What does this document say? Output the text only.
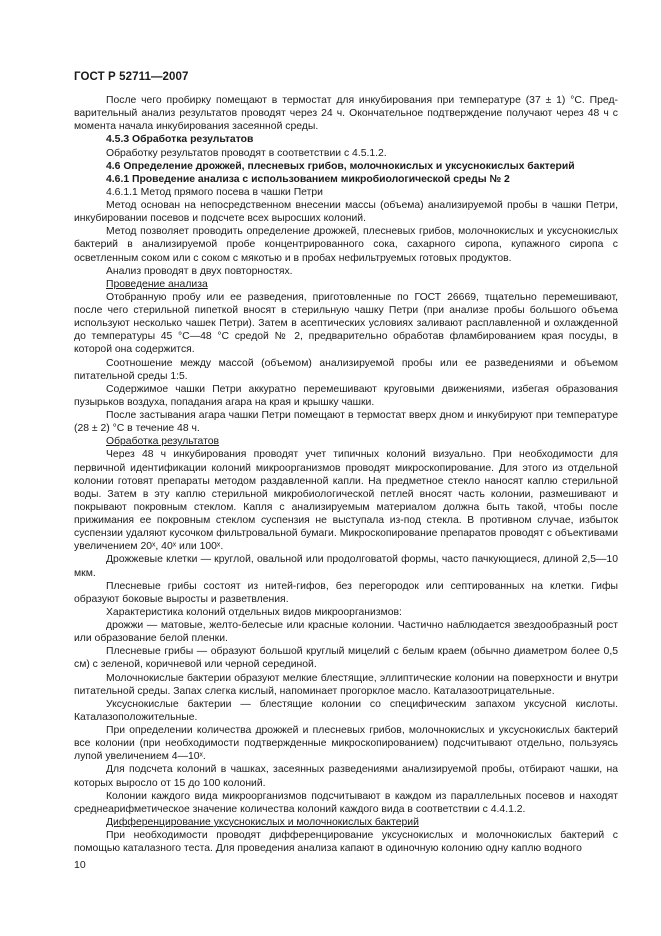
ГОСТ Р 52711—2007

После чего пробирку помещают в термостат для инкубирования при температуре (37 ± 1) °С. Предварительный анализ результатов проводят через 24 ч. Окончательное подтверждение получают через 48 ч с момента начала инкубирования засеянной среды.

4.5.3 Обработка результатов

Обработку результатов проводят в соответствии с 4.5.1.2.

4.6 Определение дрожжей, плесневых грибов, молочнокислых и уксуснокислых бактерий

4.6.1 Проведение анализа с использованием микробиологической среды № 2

4.6.1.1 Метод прямого посева в чашки Петри

Метод основан на непосредственном внесении массы (объема) анализируемой пробы в чашки Петри, инкубировании посевов и подсчете всех выросших колоний.

Метод позволяет проводить определение дрожжей, плесневых грибов, молочнокислых и уксуснокислых бактерий в анализируемой пробе концентрированного сока, сахарного сиропа, купажного сиропа с осветленным соком или с соком с мякотью и в пробах нефильтруемых готовых продуктов.

Анализ проводят в двух повторностях.

Проведение анализа

Отобранную пробу или ее разведения, приготовленные по ГОСТ 26669, тщательно перемешивают, после чего стерильной пипеткой вносят в стерильную чашку Петри (при анализе пробы большого объема используют несколько чашек Петри). Затем в асептических условиях заливают расплавленной и охлажденной до температуры 45 °С—48 °С средой № 2, предварительно обработав фламбированием края посуды, в которой она содержится.

Соотношение между массой (объемом) анализируемой пробы или ее разведениями и объемом питательной среды 1:5.

Содержимое чашки Петри аккуратно перемешивают круговыми движениями, избегая образования пузырьков воздуха, попадания агара на края и крышку чашки.

После застывания агара чашки Петри помещают в термостат вверх дном и инкубируют при температуре (28 ± 2) °С в течение 48 ч.

Обработка результатов

Через 48 ч инкубирования проводят учет типичных колоний визуально. При необходимости для первичной идентификации колоний микроорганизмов проводят микроскопирование. Для этого из отдельной колонии готовят препараты методом раздавленной капли. На предметное стекло наносят каплю стерильной воды. Затем в эту каплю стерильной микробиологической петлей вносят часть колонии, размешивают и покрывают покровным стеклом. Капля с анализируемым материалом должна быть такой, чтобы после прижимания ее покровным стеклом суспензия не выступала из-под стекла. В противном случае, избыток суспензии удаляют кусочком фильтровальной бумаги. Микроскопирование препаратов проводят с объективами увеличением 20ˣ, 40ˣ или 100ˣ.

Дрожжевые клетки — круглой, овальной или продолговатой формы, часто пачкующиеся, длиной 2,5—10 мкм.

Плесневые грибы состоят из нитей-гифов, без перегородок или септированных на клетки. Гифы образуют боковые выросты и разветвления.

Характеристика колоний отдельных видов микроорганизмов:

дрожжи — матовые, желто-белесые или красные колонии. Частично наблюдается звездообразный рост или образование белой пленки.

Плесневые грибы — образуют большой круглый мицелий с белым краем (обычно диаметром более 0,5 см) с зеленой, коричневой или черной серединой.

Молочнокислые бактерии образуют мелкие блестящие, эллиптические колонии на поверхности и внутри питательной среды. Запах слегка кислый, напоминает прогорклое масло. Каталазоотрицательные.

Уксуснокислые бактерии — блестящие колонии со специфическим запахом уксусной кислоты. Каталазоположительные.

При определении количества дрожжей и плесневых грибов, молочнокислых и уксуснокислых бактерий все колонии (при необходимости подтвержденные микроскопированием) подсчитывают отдельно, пользуясь лупой увеличением 4—10ˣ.

Для подсчета колоний в чашках, засеянных разведениями анализируемой пробы, отбирают чашки, на которых выросло от 15 до 100 колоний.

Колонии каждого вида микроорганизмов подсчитывают в каждом из параллельных посевов и находят среднеарифметическое значение количества колоний каждого вида в соответствии с 4.4.1.2.

Дифференцирование уксуснокислых и молочнокислых бактерий

При необходимости проводят дифференцирование уксуснокислых и молочнокислых бактерий с помощью каталазного теста. Для проведения анализа капают в одиночную колонию одну каплю водного

10
